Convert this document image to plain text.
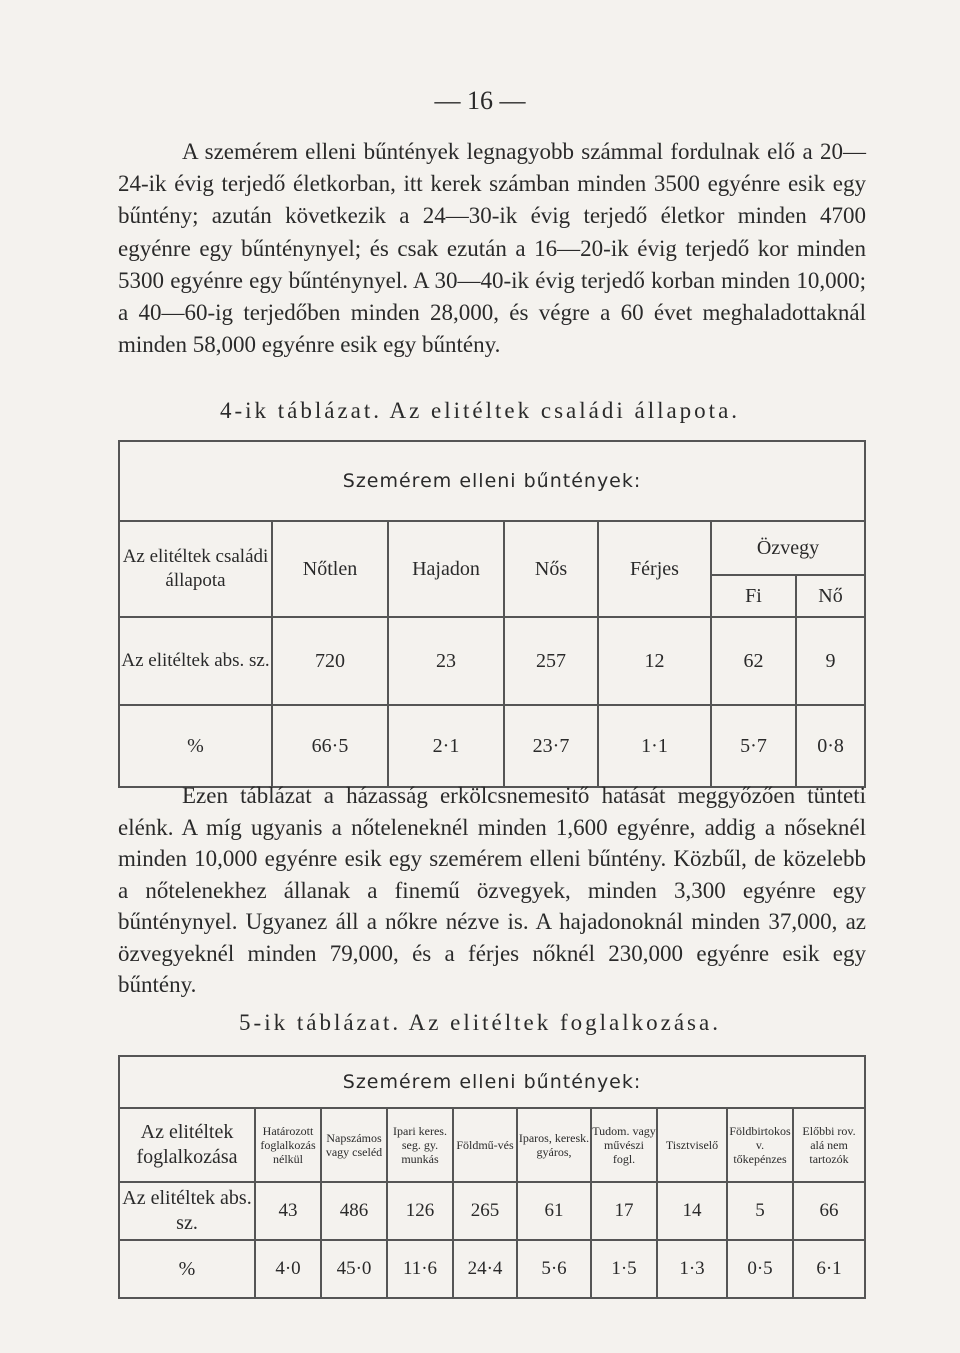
— 16 —
A szemérem elleni bűntények legnagyobb számmal fordulnak elő a 20—24-ik évig terjedő életkorban, itt kerek számban minden 3500 egyénre esik egy bűntény; azután következik a 24—30-ik évig terjedő életkor minden 4700 egyénre egy bűnténynyel; és csak ezután a 16—20-ik évig terjedő kor minden 5300 egyénre egy bűnténynyel. A 30—40-ik évig terjedő korban minden 10,000; a 40—60-ig terjedőben minden 28,000, és végre a 60 évet meghaladottaknál minden 58,000 egyénre esik egy bűntény.
4-ik táblázat. Az elitéltek családi állapota.
Szemérem elleni bűntények:						
Az elitéltek családi állapota	Nőtlen	Hajadon	Nős	Férjes	Özvegy	
					Fi	Nő
Az elitéltek abs. sz.	720	23	257	12	62	9
%	66·5	2·1	23·7	1·1	5·7	0·8
Ezen táblázat a házasság erkölcsnemesitő hatását meggyőzően tünteti elénk. A míg ugyanis a nőteleneknél minden 1,600 egyénre, addig a nőseknél minden 10,000 egyénre esik egy szemérem elleni bűntény. Közbűl, de közelebb a nőtelenekhez állanak a finemű özvegyek, minden 3,300 egyénre egy bűnténynyel. Ugyanez áll a nőkre nézve is. A hajadonoknál minden 37,000, az özvegyeknél minden 79,000, és a férjes nőknél 230,000 egyénre esik egy bűntény.
5-ik táblázat. Az elitéltek foglalkozása.
Szemérem elleni bűntények:									
Az elitéltek foglalkozása	Határozott foglalkozás nélkül	Napszámos vagy cseléd	Ipari keres. seg. gy. munkás	Földmű-vés	Iparos, keresk. gyáros,	Tudom. vagy művészi fogl.	Tisztviselő	Földbirtokos v. tőkepénzes	Előbbi rov. alá nem tartozók
Az elitéltek abs. sz.	43	486	126	265	61	17	14	5	66
%	4·0	45·0	11·6	24·4	5·6	1·5	1·3	0·5	6·1
